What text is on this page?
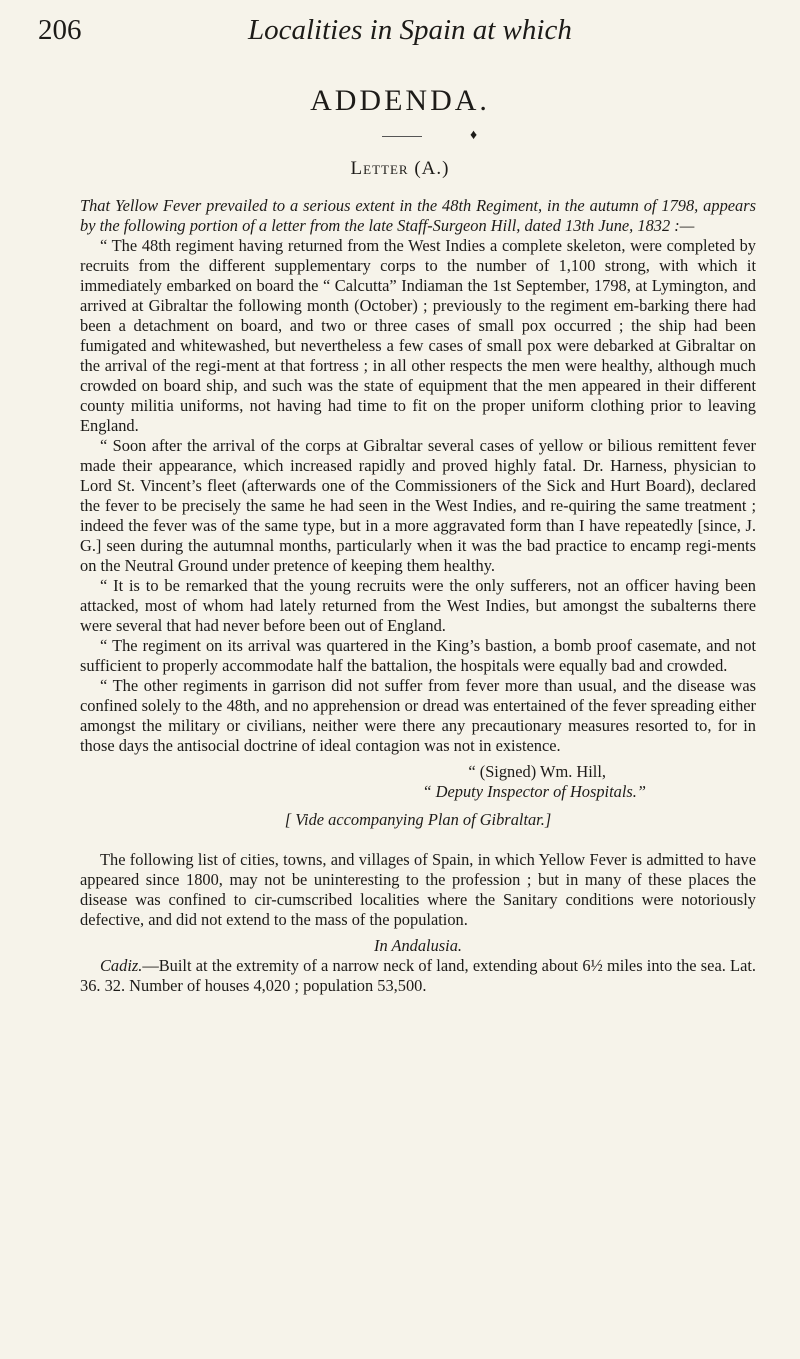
206	Localities in Spain at which
ADDENDA.
♦
Letter (A.)

That Yellow Fever prevailed to a serious extent in the 48th Regiment, in the autumn of 1798, appears by the following portion of a letter from the late Staff-Surgeon Hill, dated 13th June, 1832 :—

“ The 48th regiment having returned from the West Indies a complete skeleton, were completed by recruits from the different supplementary corps to the number of 1,100 strong, with which it immediately embarked on board the “ Calcutta” Indiaman the 1st September, 1798, at Lymington, and arrived at Gibraltar the following month (October) ; previously to the regiment em-barking there had been a detachment on board, and two or three cases of small pox occurred ; the ship had been fumigated and whitewashed, but nevertheless a few cases of small pox were debarked at Gibraltar on the arrival of the regi-ment at that fortress ; in all other respects the men were healthy, although much crowded on board ship, and such was the state of equipment that the men appeared in their different county militia uniforms, not having had time to fit on the proper uniform clothing prior to leaving England.

“ Soon after the arrival of the corps at Gibraltar several cases of yellow or bilious remittent fever made their appearance, which increased rapidly and proved highly fatal. Dr. Harness, physician to Lord St. Vincent’s fleet (afterwards one of the Commissioners of the Sick and Hurt Board), declared the fever to be precisely the same he had seen in the West Indies, and re-quiring the same treatment ; indeed the fever was of the same type, but in a more aggravated form than I have repeatedly [since, J. G.] seen during the autumnal months, particularly when it was the bad practice to encamp regi-ments on the Neutral Ground under pretence of keeping them healthy.

“ It is to be remarked that the young recruits were the only sufferers, not an officer having been attacked, most of whom had lately returned from the West Indies, but amongst the subalterns there were several that had never before been out of England.

“ The regiment on its arrival was quartered in the King’s bastion, a bomb proof casemate, and not sufficient to properly accommodate half the battalion, the hospitals were equally bad and crowded.

“ The other regiments in garrison did not suffer from fever more than usual, and the disease was confined solely to the 48th, and no apprehension or dread was entertained of the fever spreading either amongst the military or civilians, neither were there any precautionary measures resorted to, for in those days the antisocial doctrine of ideal contagion was not in existence.

“ (Signed) Wm. Hill,

“ Deputy Inspector of Hospitals.”

[ Vide accompanying Plan of Gibraltar.]

The following list of cities, towns, and villages of Spain, in which Yellow Fever is admitted to have appeared since 1800, may not be uninteresting to the profession ; but in many of these places the disease was confined to cir-cumscribed localities where the Sanitary conditions were notoriously defective, and did not extend to the mass of the population.

In Andalusia.

Cadiz.—Built at the extremity of a narrow neck of land, extending about 6½ miles into the sea. Lat. 36. 32. Number of houses 4,020 ; population 53,500.
